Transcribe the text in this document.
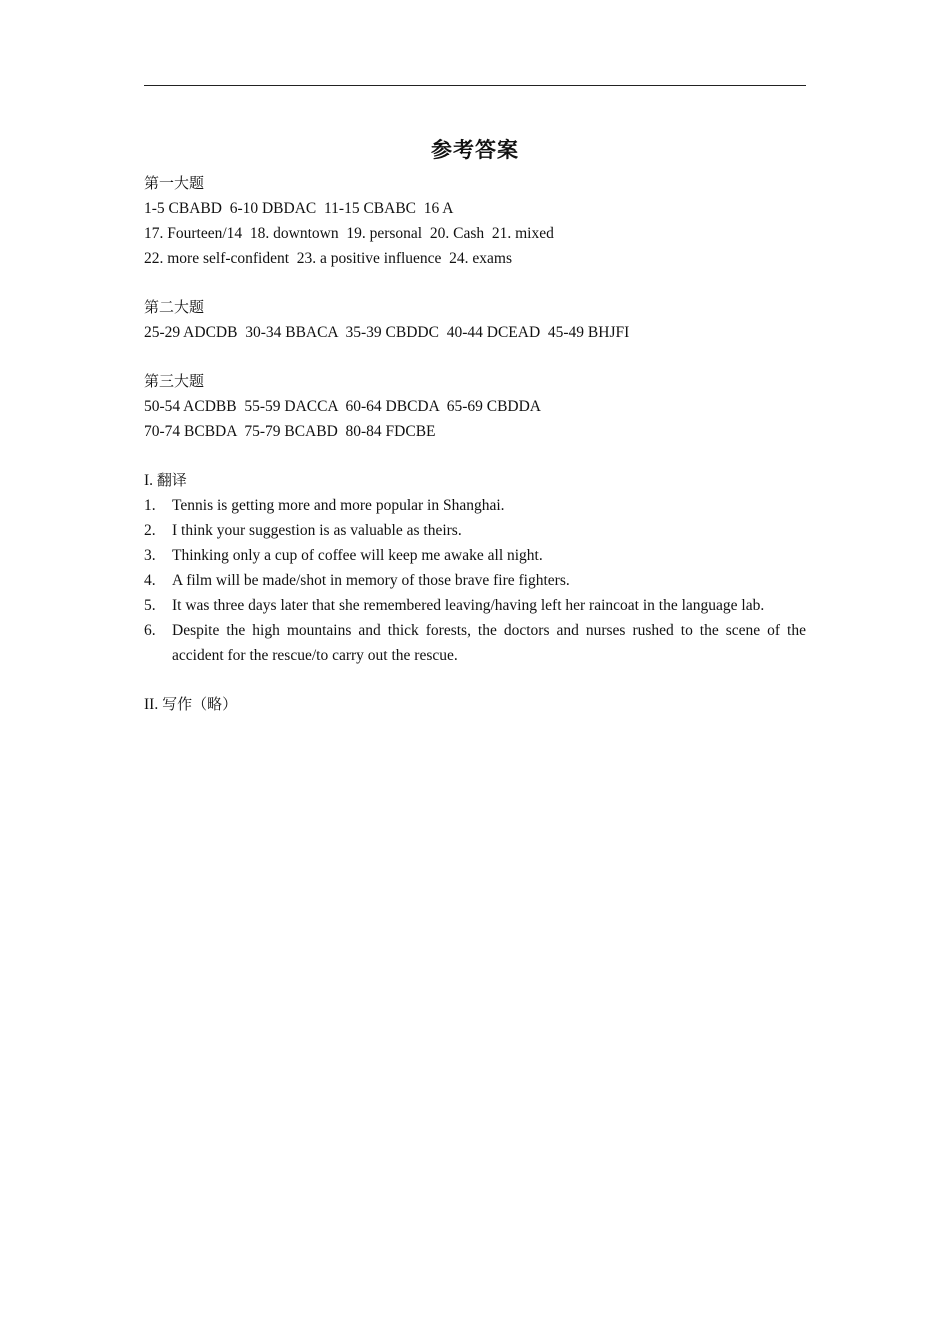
参考答案
第一大题
1-5 CBABD  6-10 DBDAC  11-15 CBABC  16 A
17. Fourteen/14  18. downtown  19. personal  20. Cash  21. mixed
22. more self-confident  23. a positive influence  24. exams
第二大题
25-29 ADCDB  30-34 BBACA  35-39 CBDDC  40-44 DCEAD  45-49 BHJFI
第三大题
50-54 ACDBB  55-59 DACCA  60-64 DBCDA  65-69 CBDDA
70-74 BCBDA  75-79 BCABD  80-84 FDCBE
I. 翻译
1.	Tennis is getting more and more popular in Shanghai.
2.	I think your suggestion is as valuable as theirs.
3.	Thinking only a cup of coffee will keep me awake all night.
4.	A film will be made/shot in memory of those brave fire fighters.
5.	It was three days later that she remembered leaving/having left her raincoat in the language lab.
6.	Despite the high mountains and thick forests, the doctors and nurses rushed to the scene of the accident for the rescue/to carry out the rescue.
II. 写作（略）
